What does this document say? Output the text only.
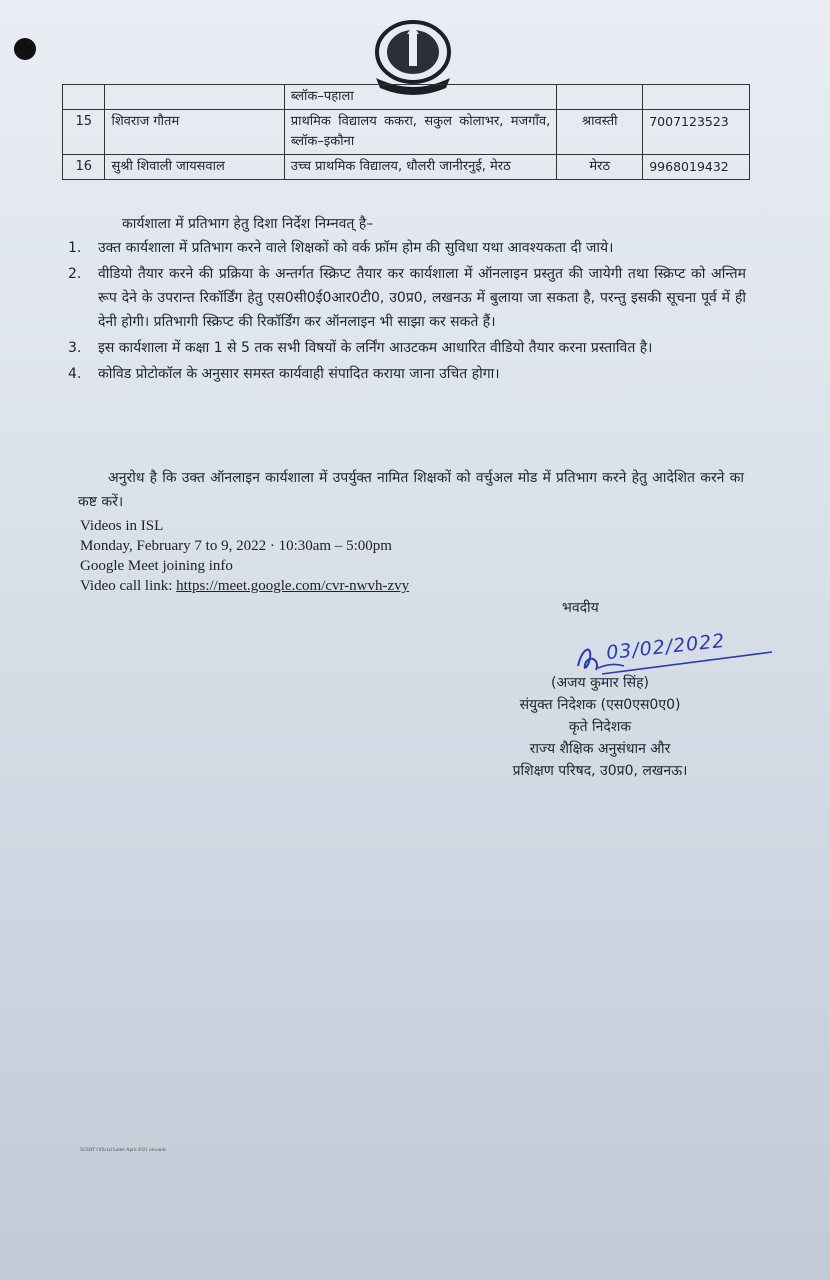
		ब्लॉक–पहाला		
15	शिवराज गौतम	प्राथमिक विद्यालय ककरा, सकुल कोलाभर, मजगाँव, ब्लॉक–इकौना	श्रावस्ती	7007123523
16	सुश्री शिवाली जायसवाल	उच्च प्राथमिक विद्यालय, धौलरी जानीरनुई, मेरठ	मेरठ	9968019432
कार्यशाला में प्रतिभाग हेतु दिशा निर्देश निम्नवत् है–
1. उक्त कार्यशाला में प्रतिभाग करने वाले शिक्षकों को वर्क फ्रॉम होम की सुविधा यथा आवश्यकता दी जाये।
2. वीडियो तैयार करने की प्रक्रिया के अन्तर्गत स्क्रिप्ट तैयार कर कार्यशाला में ऑनलाइन प्रस्तुत की जायेगी तथा स्क्रिप्ट को अन्तिम रूप देने के उपरान्त रिकॉर्डिंग हेतु एस0सी0ई0आर0टी0, उ0प्र0, लखनऊ में बुलाया जा सकता है, परन्तु इसकी सूचना पूर्व में ही देनी होगी। प्रतिभागी स्क्रिप्ट की रिकॉर्डिंग कर ऑनलाइन भी साझा कर सकते हैं।
3. इस कार्यशाला में कक्षा 1 से 5 तक सभी विषयों के लर्निंग आउटकम आधारित वीडियो तैयार करना प्रस्तावित है।
4. कोविड प्रोटोकॉल के अनुसार समस्त कार्यवाही संपादित कराया जाना उचित होगा।
अनुरोध है कि उक्त ऑनलाइन कार्यशाला में उपर्युक्त नामित शिक्षकों को वर्चुअल मोड में प्रतिभाग करने हेतु आदेशित करने का कष्ट करें।
Videos in ISL
Monday, February 7 to 9, 2022 · 10:30am – 5:00pm
Google Meet joining info
Video call link: https://meet.google.com/cvr-nwvh-zvy
भवदीय
03/02/2022
(अजय कुमार सिंह)
संयुक्त निदेशक (एस0एस0ए0)
कृते निदेशक
राज्य शैक्षिक अनुसंधान और
प्रशिक्षण परिषद, उ0प्र0, लखनऊ।
SCERT Official Letter April 2021 onwards
